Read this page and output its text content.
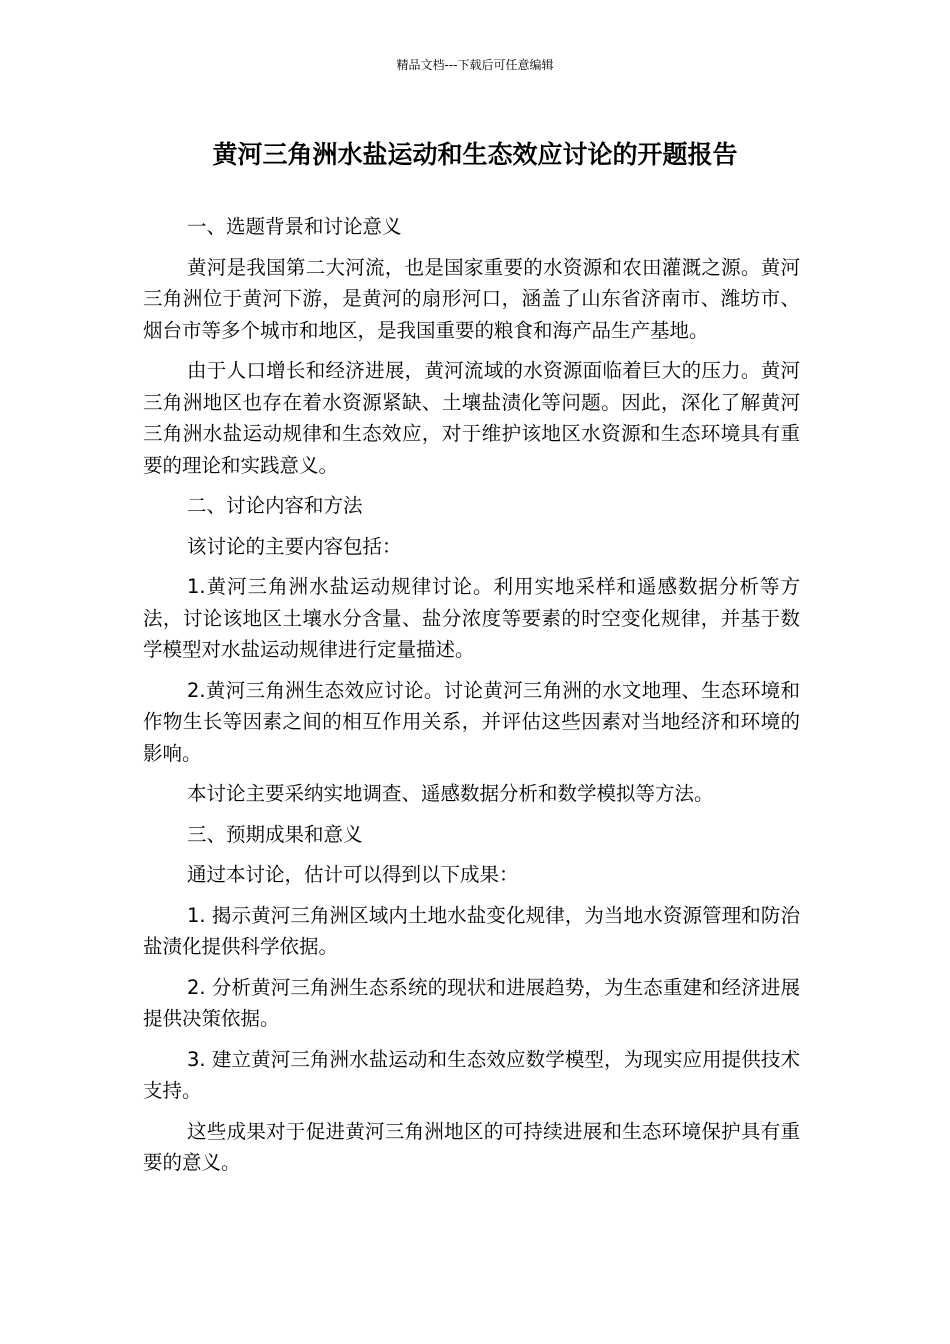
精品文档---下载后可任意编辑
黄河三角洲水盐运动和生态效应讨论的开题报告

一、选题背景和讨论意义

黄河是我国第二大河流，也是国家重要的水资源和农田灌溉之源。黄河三角洲位于黄河下游，是黄河的扇形河口，涵盖了山东省济南市、潍坊市、烟台市等多个城市和地区，是我国重要的粮食和海产品生产基地。

由于人口增长和经济进展，黄河流域的水资源面临着巨大的压力。黄河三角洲地区也存在着水资源紧缺、土壤盐渍化等问题。因此，深化了解黄河三角洲水盐运动规律和生态效应，对于维护该地区水资源和生态环境具有重要的理论和实践意义。

二、讨论内容和方法

该讨论的主要内容包括：

1.黄河三角洲水盐运动规律讨论。利用实地采样和遥感数据分析等方法，讨论该地区土壤水分含量、盐分浓度等要素的时空变化规律，并基于数学模型对水盐运动规律进行定量描述。

2.黄河三角洲生态效应讨论。讨论黄河三角洲的水文地理、生态环境和作物生长等因素之间的相互作用关系，并评估这些因素对当地经济和环境的影响。

本讨论主要采纳实地调查、遥感数据分析和数学模拟等方法。

三、预期成果和意义

通过本讨论，估计可以得到以下成果：

1. 揭示黄河三角洲区域内土地水盐变化规律，为当地水资源管理和防治盐渍化提供科学依据。

2. 分析黄河三角洲生态系统的现状和进展趋势，为生态重建和经济进展提供决策依据。

3. 建立黄河三角洲水盐运动和生态效应数学模型，为现实应用提供技术支持。

这些成果对于促进黄河三角洲地区的可持续进展和生态环境保护具有重要的意义。
